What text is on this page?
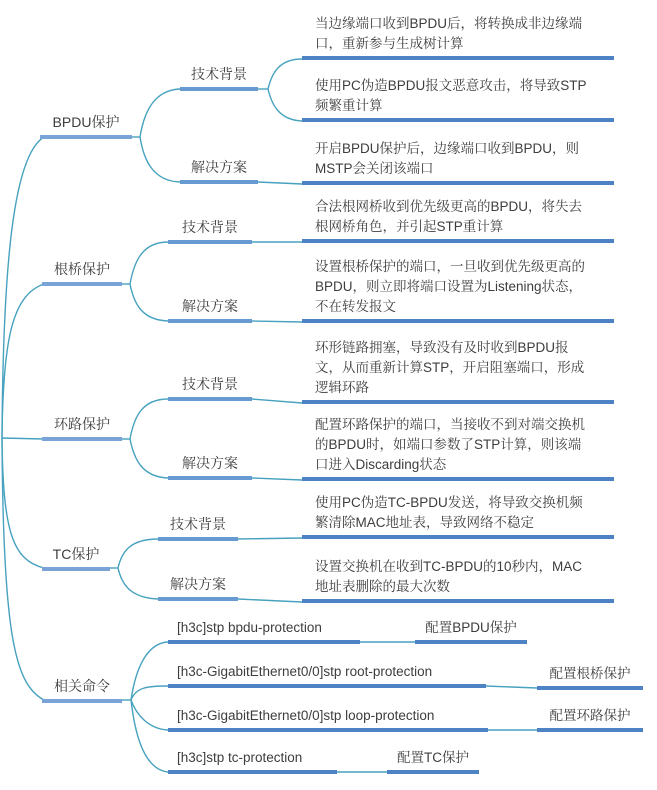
BPDU保护
根桥保护
环路保护
TC保护
相关命令
技术背景
解决方案
技术背景
解决方案
技术背景
解决方案
技术背景
解决方案
当边缘端口收到BPDU后，将转换成非边缘端口，重新参与生成树计算
使用PC伪造BPDU报文恶意攻击，将导致STP频繁重计算
开启BPDU保护后，边缘端口收到BPDU，则MSTP会关闭该端口
合法根网桥收到优先级更高的BPDU，将失去根网桥角色，并引起STP重计算
设置根桥保护的端口，一旦收到优先级更高的BPDU，则立即将端口设置为Listening状态，不在转发报文
环形链路拥塞，导致没有及时收到BPDU报文，从而重新计算STP，开启阻塞端口，形成逻辑环路
配置环路保护的端口，当接收不到对端交换机的BPDU时，如端口参数了STP计算，则该端口进入Discarding状态
使用PC伪造TC-BPDU发送，将导致交换机频繁清除MAC地址表，导致网络不稳定
设置交换机在收到TC-BPDU的10秒内，MAC地址表删除的最大次数
[h3c]stp bpdu-protection
[h3c-GigabitEthernet0/0]stp root-protection
[h3c-GigabitEthernet0/0]stp loop-protection
[h3c]stp tc-protection
配置BPDU保护
配置根桥保护
配置环路保护
配置TC保护
